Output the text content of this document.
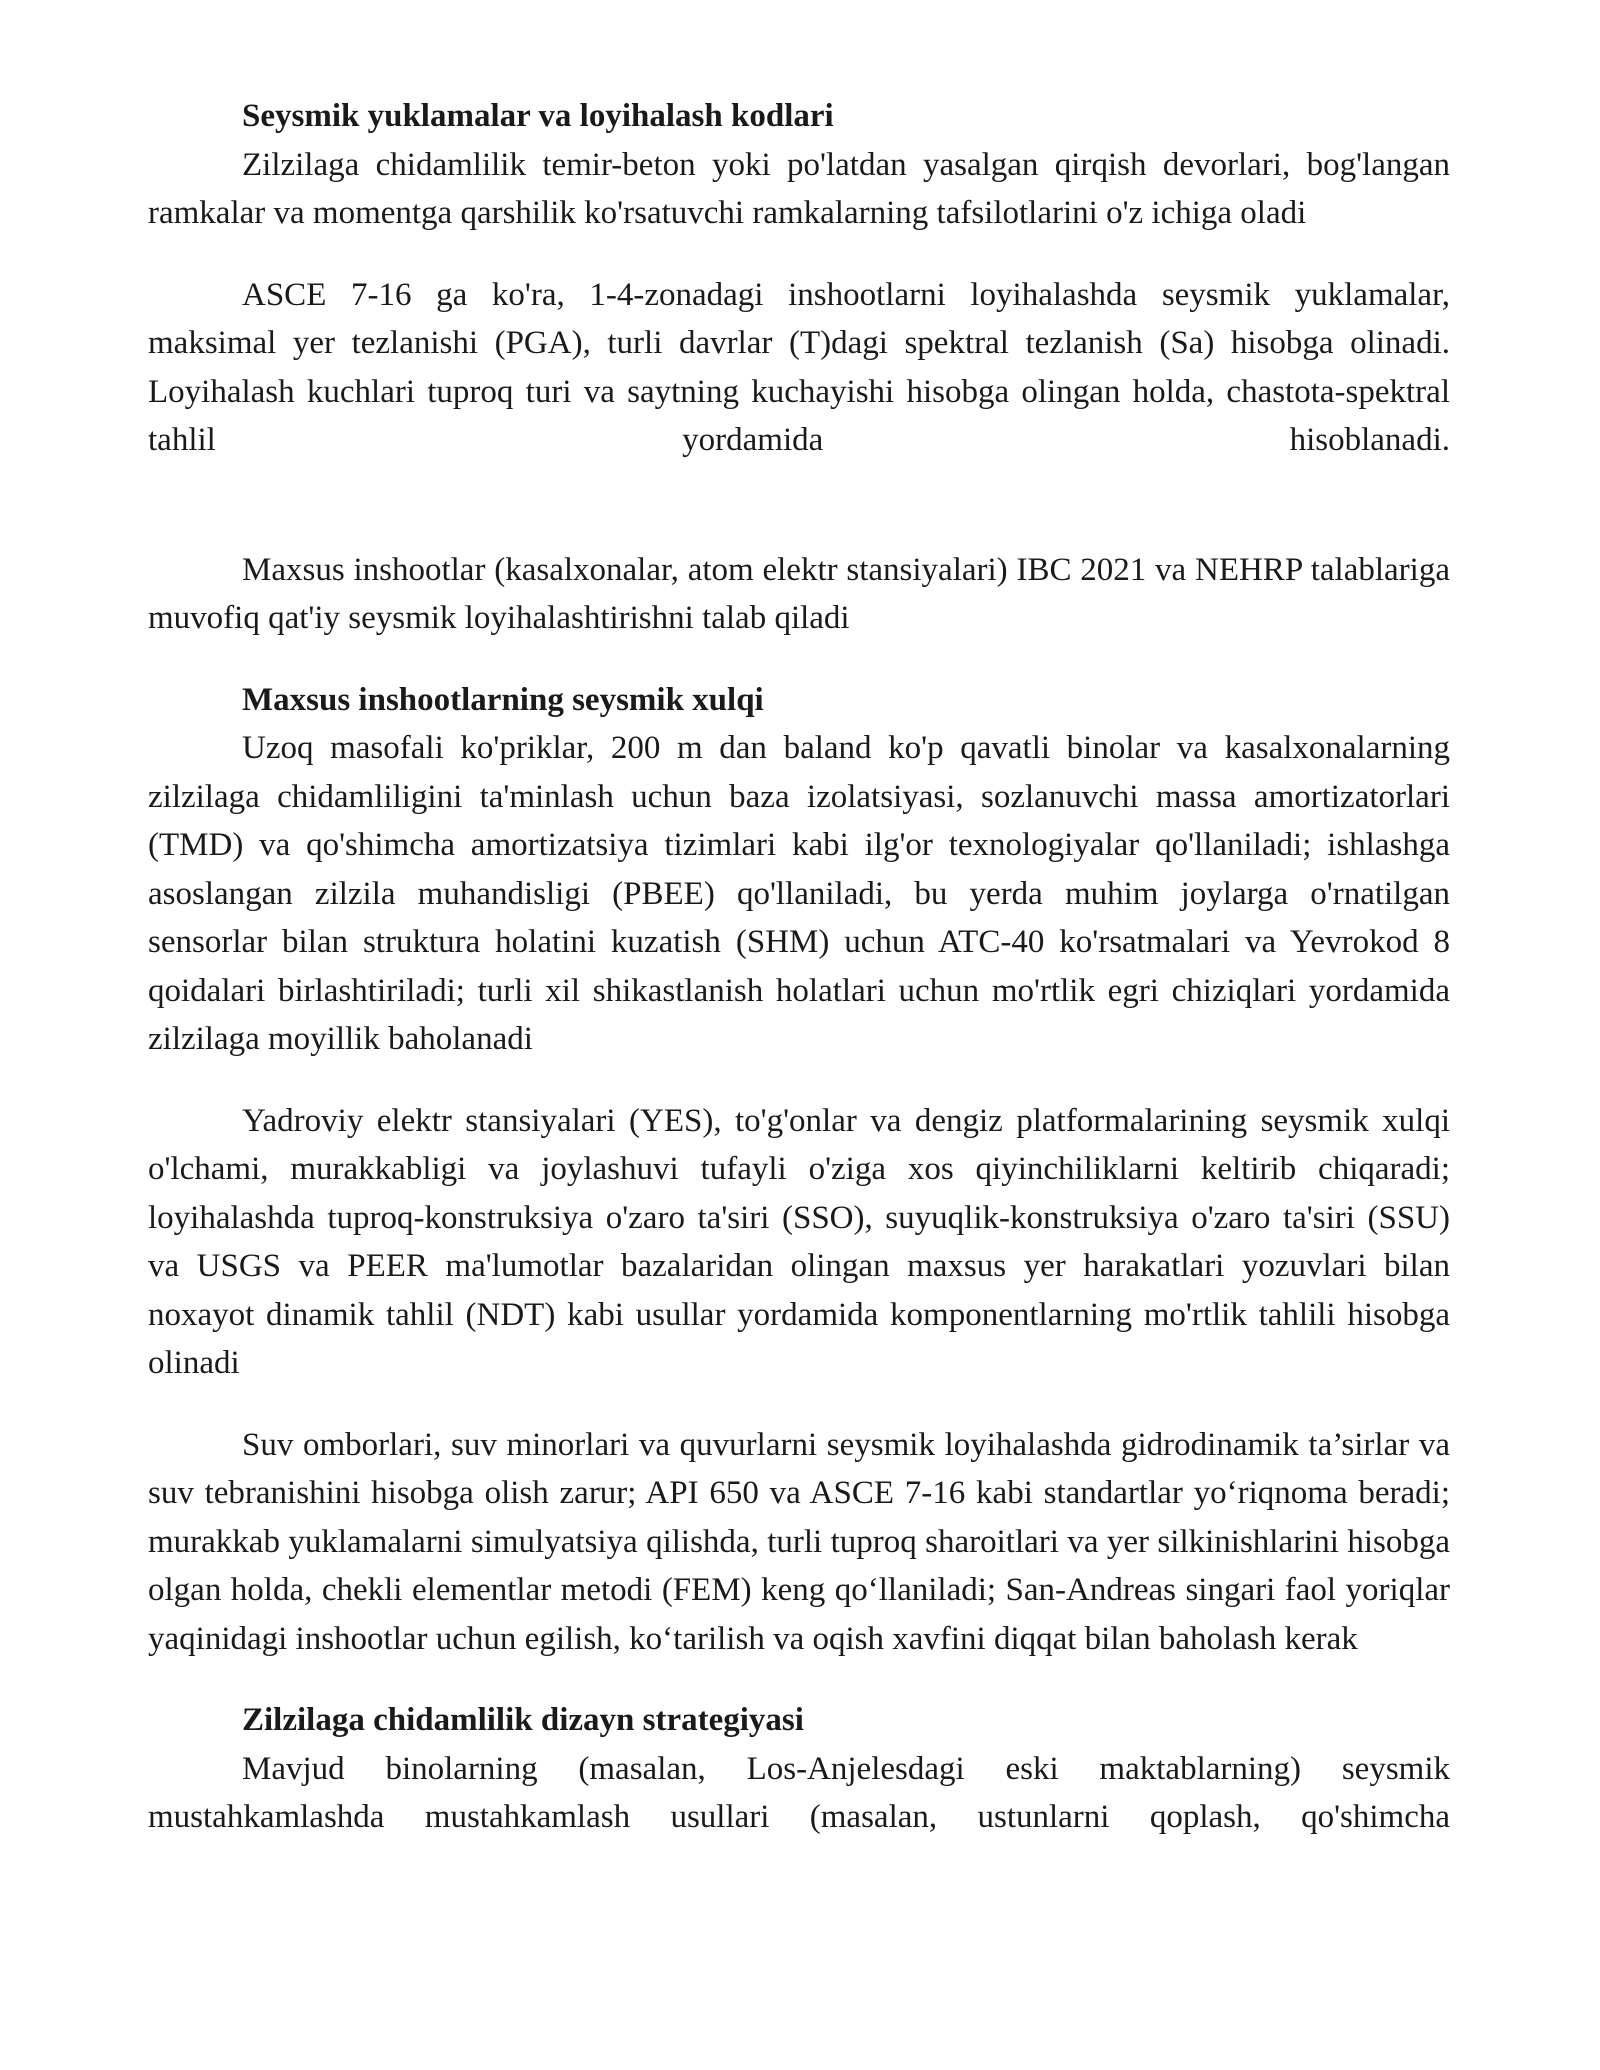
Seysmik yuklamalar va loyihalash kodlari

Zilzilaga chidamlilik temir-beton yoki po'latdan yasalgan qirqish devorlari, bog'langan ramkalar va momentga qarshilik ko'rsatuvchi ramkalarning tafsilotlarini o'z ichiga oladi

ASCE 7-16 ga ko'ra, 1-4-zonadagi inshootlarni loyihalashda seysmik yuklamalar, maksimal yer tezlanishi (PGA), turli davrlar (T)dagi spektral tezlanish (Sa) hisobga olinadi. Loyihalash kuchlari tuproq turi va saytning kuchayishi hisobga olingan holda, chastota-spektral tahlil yordamida hisoblanadi.

Maxsus inshootlar (kasalxonalar, atom elektr stansiyalari) IBC 2021 va NEHRP talablariga muvofiq qat'iy seysmik loyihalashtirishni talab qiladi

Maxsus inshootlarning seysmik xulqi

Uzoq masofali ko'priklar, 200 m dan baland ko'p qavatli binolar va kasalxonalarning zilzilaga chidamliligini ta'minlash uchun baza izolatsiyasi, sozlanuvchi massa amortizatorlari (TMD) va qo'shimcha amortizatsiya tizimlari kabi ilg'or texnologiyalar qo'llaniladi; ishlashga asoslangan zilzila muhandisligi (PBEE) qo'llaniladi, bu yerda muhim joylarga o'rnatilgan sensorlar bilan struktura holatini kuzatish (SHM) uchun ATC-40 ko'rsatmalari va Yevrokod 8 qoidalari birlashtiriladi; turli xil shikastlanish holatlari uchun mo'rtlik egri chiziqlari yordamida zilzilaga moyillik baholanadi

Yadroviy elektr stansiyalari (YES), to'g'onlar va dengiz platformalarining seysmik xulqi o'lchami, murakkabligi va joylashuvi tufayli o'ziga xos qiyinchiliklarni keltirib chiqaradi; loyihalashda tuproq-konstruksiya o'zaro ta'siri (SSO), suyuqlik-konstruksiya o'zaro ta'siri (SSU) va USGS va PEER ma'lumotlar bazalaridan olingan maxsus yer harakatlari yozuvlari bilan noxayot dinamik tahlil (NDT) kabi usullar yordamida komponentlarning mo'rtlik tahlili hisobga olinadi

Suv omborlari, suv minorlari va quvurlarni seysmik loyihalashda gidrodinamik ta’sirlar va suv tebranishini hisobga olish zarur; API 650 va ASCE 7-16 kabi standartlar yo‘riqnoma beradi; murakkab yuklamalarni simulyatsiya qilishda, turli tuproq sharoitlari va yer silkinishlarini hisobga olgan holda, chekli elementlar metodi (FEM) keng qo‘llaniladi; San-Andreas singari faol yoriqlar yaqinidagi inshootlar uchun egilish, ko‘tarilish va oqish xavfini diqqat bilan baholash kerak

Zilzilaga chidamlilik dizayn strategiyasi

Mavjud binolarning (masalan, Los-Anjelesdagi eski maktablarning) seysmik mustahkamlashda mustahkamlash usullari (masalan, ustunlarni qoplash, qo'shimcha
